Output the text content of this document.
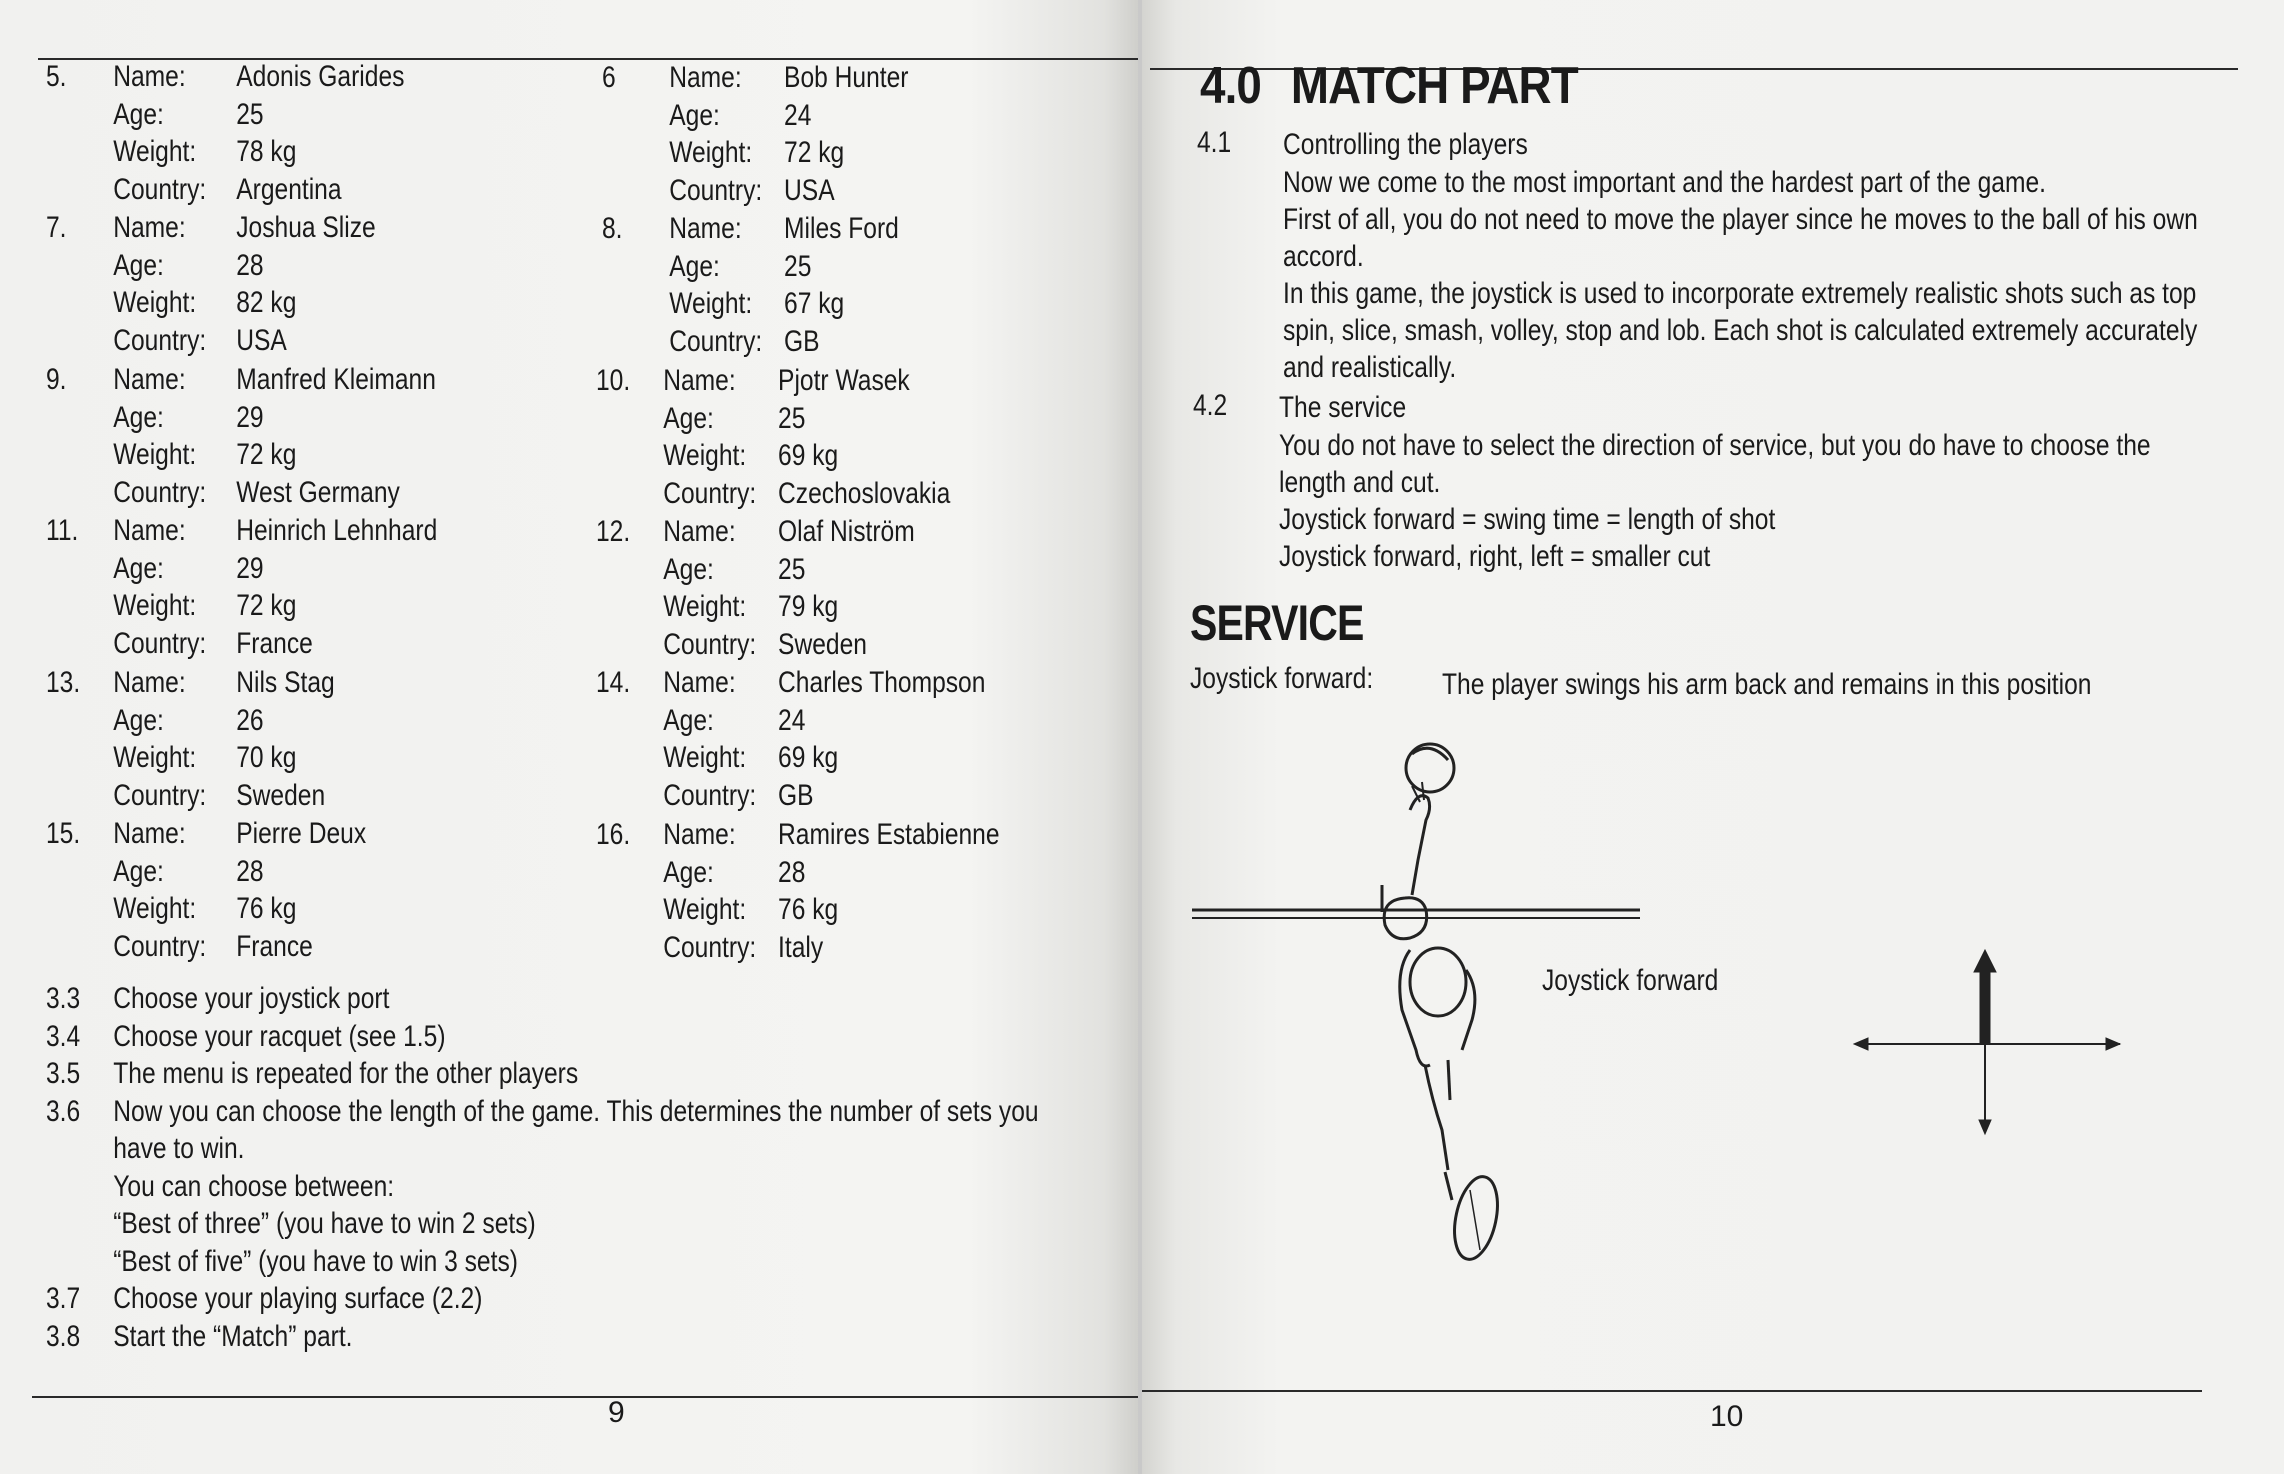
5. Name: Adonis Garides
Age: 25
Weight: 78 kg
Country: Argentina
6 Name: Bob Hunter
Age: 24
Weight: 72 kg
Country: USA
7. Name: Joshua Slize
Age: 28
Weight: 82 kg
Country: USA
8. Name: Miles Ford
Age: 25
Weight: 67 kg
Country: GB
9. Name: Manfred Kleimann
Age: 29
Weight: 72 kg
Country: West Germany
10. Name: Pjotr Wasek
Age: 25
Weight: 69 kg
Country: Czechoslovakia
11. Name: Heinrich Lehnhard
Age: 29
Weight: 72 kg
Country: France
12. Name: Olaf Niström
Age: 25
Weight: 79 kg
Country: Sweden
13. Name: Nils Stag
Age: 26
Weight: 70 kg
Country: Sweden
14. Name: Charles Thompson
Age: 24
Weight: 69 kg
Country: GB
15. Name: Pierre Deux
Age: 28
Weight: 76 kg
Country: France
16. Name: Ramires Estabienne
Age: 28
Weight: 76 kg
Country: Italy
3.3 Choose your joystick port
3.4 Choose your racquet (see 1.5)
3.5 The menu is repeated for the other players
3.6 Now you can choose the length of the game. This determines the number of sets you
have to win.
You can choose between:
“Best of three” (you have to win 2 sets)
“Best of five” (you have to win 3 sets)
3.7 Choose your playing surface (2.2)
3.8 Start the “Match” part.
9	10
4.0 MATCH PART
4.1 Controlling the players
Now we come to the most important and the hardest part of the game.
First of all, you do not need to move the player since he moves to the ball of his own
accord.
In this game, the joystick is used to incorporate extremely realistic shots such as top
spin, slice, smash, volley, stop and lob. Each shot is calculated extremely accurately
and realistically.
4.2 The service
You do not have to select the direction of service, but you do have to choose the
length and cut.
Joystick forward = swing time = length of shot
Joystick forward, right, left = smaller cut
SERVICE
Joystick forward: The player swings his arm back and remains in this position
Joystick forward
